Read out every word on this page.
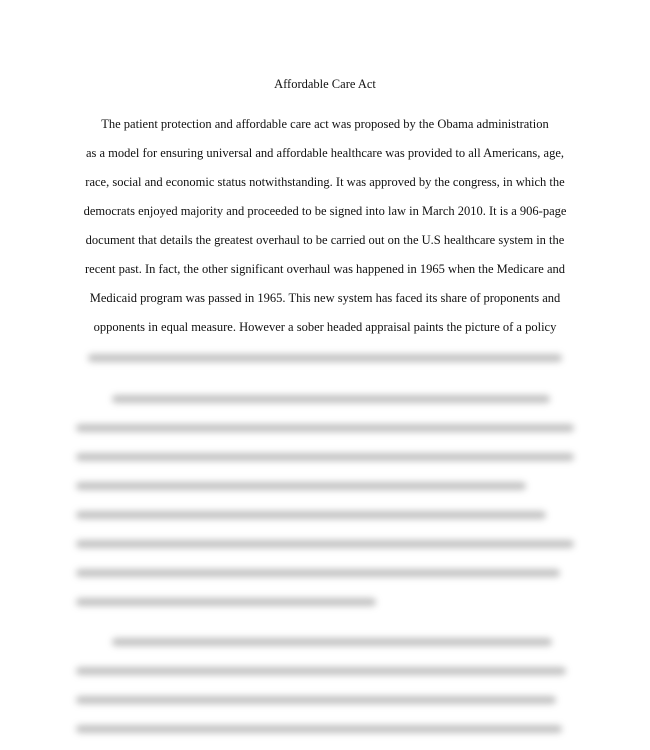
Affordable Care Act
The patient protection and affordable care act was proposed by the Obama administration
as a model for ensuring universal and affordable healthcare was provided to all Americans, age,
race, social and economic status notwithstanding. It was approved by the congress, in which the
democrats enjoyed majority and proceeded to be signed into law in March 2010. It is a 906-page
document that details the greatest overhaul to be carried out on the U.S healthcare system in the
recent past. In fact, the other significant overhaul was happened in 1965 when the Medicare and
Medicaid program was passed in 1965. This new system has faced its share of proponents and
opponents in equal measure. However a sober headed appraisal paints the picture of a policy
